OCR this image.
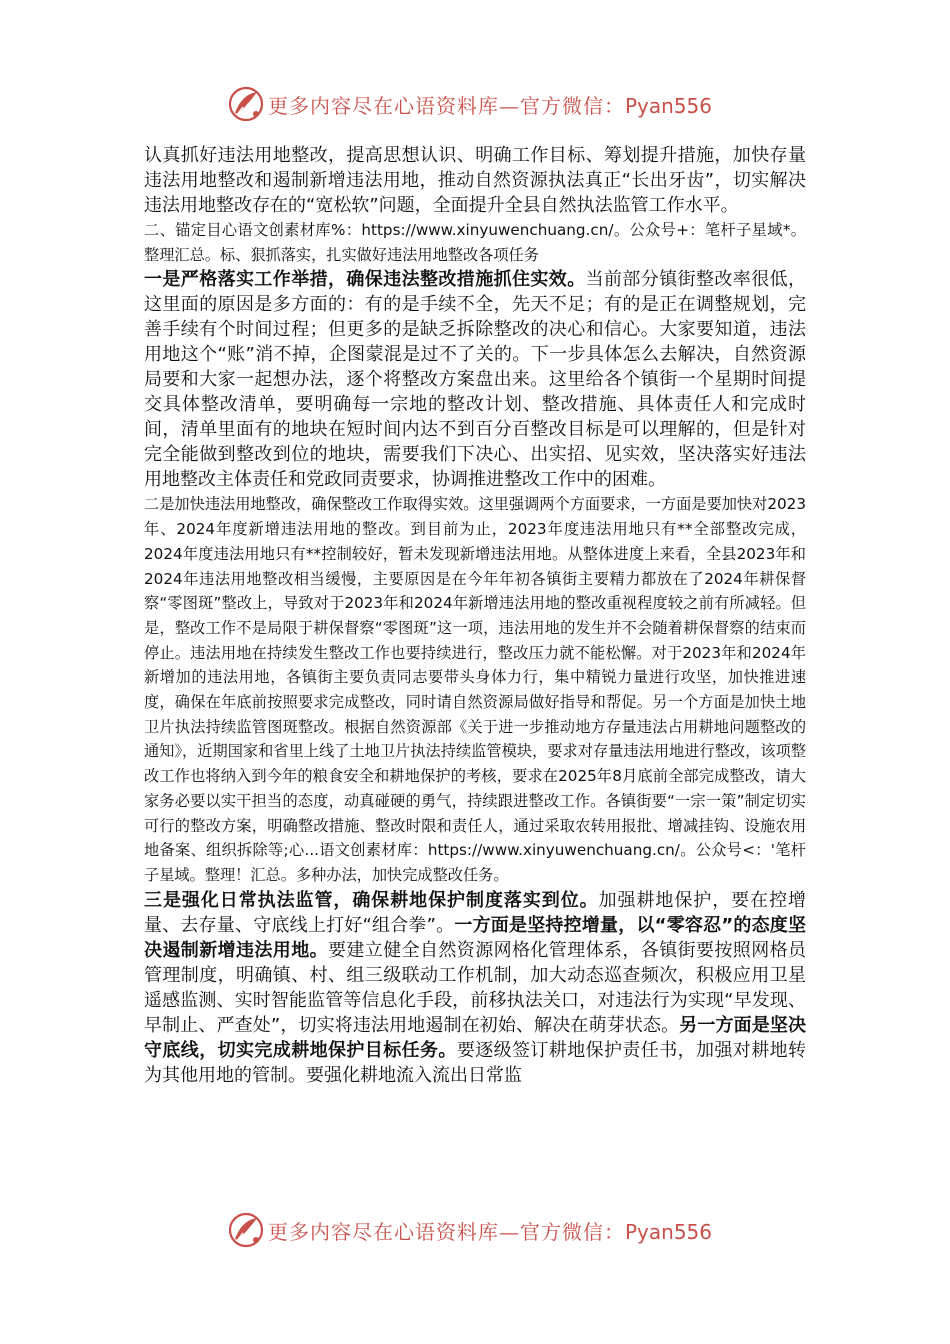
更多内容尽在心语资料库—官方微信：Pyan556

认真抓好违法用地整改，提高思想认识、明确工作目标、筹划提升措施，加快存量违法用地整改和遏制新增违法用地，推动自然资源执法真正“长出牙齿”，切实解决违法用地整改存在的“宽松软”问题，全面提升全县自然执法监管工作水平。

二、锚定目心语文创素材库%：https://www.xinyuwenchuang.cn/。公众号+：笔杆子星域*。整理汇总。标、狠抓落实，扎实做好违法用地整改各项任务

一是严格落实工作举措，确保违法整改措施抓住实效。当前部分镇街整改率很低，这里面的原因是多方面的：有的是手续不全，先天不足；有的是正在调整规划，完善手续有个时间过程；但更多的是缺乏拆除整改的决心和信心。大家要知道，违法用地这个“账”消不掉，企图蒙混是过不了关的。下一步具体怎么去解决，自然资源局要和大家一起想办法，逐个将整改方案盘出来。这里给各个镇街一个星期时间提交具体整改清单，要明确每一宗地的整改计划、整改措施、具体责任人和完成时间，清单里面有的地块在短时间内达不到百分百整改目标是可以理解的，但是针对完全能做到整改到位的地块，需要我们下决心、出实招、见实效，坚决落实好违法用地整改主体责任和党政同责要求，协调推进整改工作中的困难。

二是加快违法用地整改，确保整改工作取得实效。这里强调两个方面要求，一方面是要加快对2023年、2024年度新增违法用地的整改。到目前为止，2023年度违法用地只有**全部整改完成，2024年度违法用地只有**控制较好，暂未发现新增违法用地。从整体进度上来看，全县2023年和2024年违法用地整改相当缓慢，主要原因是在今年年初各镇街主要精力都放在了2024年耕保督察“零图斑”整改上，导致对于2023年和2024年新增违法用地的整改重视程度较之前有所减轻。但是，整改工作不是局限于耕保督察“零图斑”这一项，违法用地的发生并不会随着耕保督察的结束而停止。违法用地在持续发生整改工作也要持续进行，整改压力就不能松懈。对于2023年和2024年新增加的违法用地，各镇街主要负责同志要带头身体力行，集中精锐力量进行攻坚，加快推进速度，确保在年底前按照要求完成整改，同时请自然资源局做好指导和帮促。另一个方面是加快土地卫片执法持续监管图斑整改。根据自然资源部《关于进一步推动地方存量违法占用耕地问题整改的通知》，近期国家和省里上线了土地卫片执法持续监管模块，要求对存量违法用地进行整改，该项整改工作也将纳入到今年的粮食安全和耕地保护的考核，要求在2025年8月底前全部完成整改，请大家务必要以实干担当的态度，动真碰硬的勇气，持续跟进整改工作。各镇街要“一宗一策”制定切实可行的整改方案，明确整改措施、整改时限和责任人，通过采取农转用报批、增减挂钩、设施农用地备案、组织拆除等;心...语文创素材库：https://www.xinyuwenchuang.cn/。公众号<：'笔杆子星域。整理！汇总。多种办法，加快完成整改任务。

三是强化日常执法监管，确保耕地保护制度落实到位。加强耕地保护，要在控增量、去存量、守底线上打好“组合拳”。一方面是坚持控增量，以“零容忍”的态度坚决遏制新增违法用地。要建立健全自然资源网格化管理体系，各镇街要按照网格员管理制度，明确镇、村、组三级联动工作机制，加大动态巡查频次，积极应用卫星遥感监测、实时智能监管等信息化手段，前移执法关口，对违法行为实现“早发现、早制止、严查处”，切实将违法用地遏制在初始、解决在萌芽状态。另一方面是坚决守底线，切实完成耕地保护目标任务。要逐级签订耕地保护责任书，加强对耕地转为其他用地的管制。要强化耕地流入流出日常监

更多内容尽在心语资料库—官方微信：Pyan556
